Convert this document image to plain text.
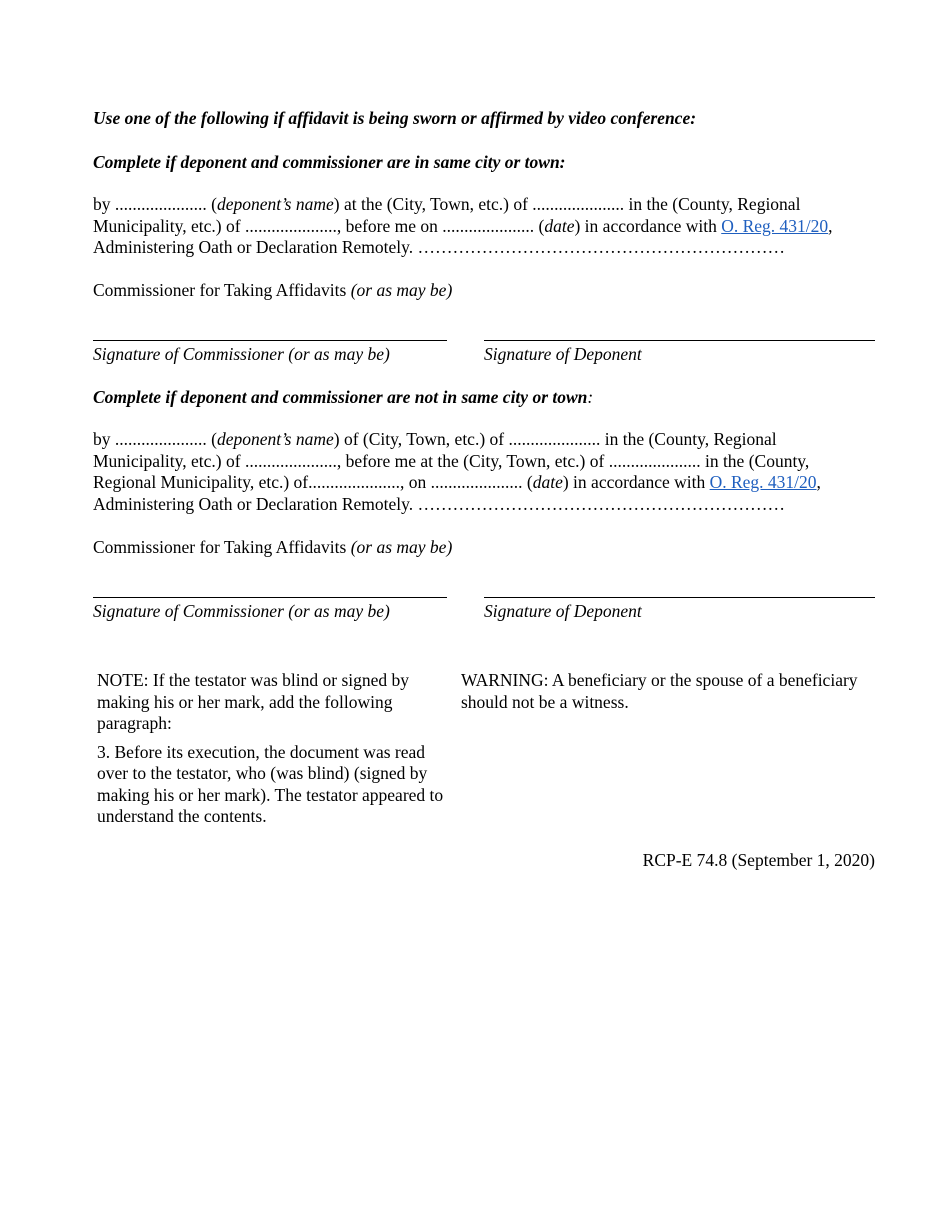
Use one of the following if affidavit is being sworn or affirmed by video conference:
Complete if deponent and commissioner are in same city or town:
by ..................... (deponent’s name) at the (City, Town, etc.) of ..................... in the (County, Regional
Municipality, etc.) of ....................., before me on ..................... (date) in accordance with O. Reg. 431/20,
Administering Oath or Declaration Remotely. ………………………………………………………
Commissioner for Taking Affidavits (or as may be)
Signature of Commissioner (or as may be)	Signature of Deponent
Complete if deponent and commissioner are not in same city or town:
by ..................... (deponent’s name) of (City, Town, etc.) of ..................... in the (County, Regional
Municipality, etc.) of ....................., before me at the (City, Town, etc.) of ..................... in the (County,
Regional Municipality, etc.) of....................., on ..................... (date) in accordance with O. Reg. 431/20,
Administering Oath or Declaration Remotely. ………………………………………………………
Commissioner for Taking Affidavits (or as may be)
Signature of Commissioner (or as may be)	Signature of Deponent

NOTE: If the testator was blind or signed by making his or her mark, add the following paragraph:

3. Before its execution, the document was read over to the testator, who (was blind) (signed by making his or her mark). The testator appeared to understand the contents.

WARNING: A beneficiary or the spouse of a beneficiary should not be a witness.

RCP-E 74.8 (September 1, 2020)
